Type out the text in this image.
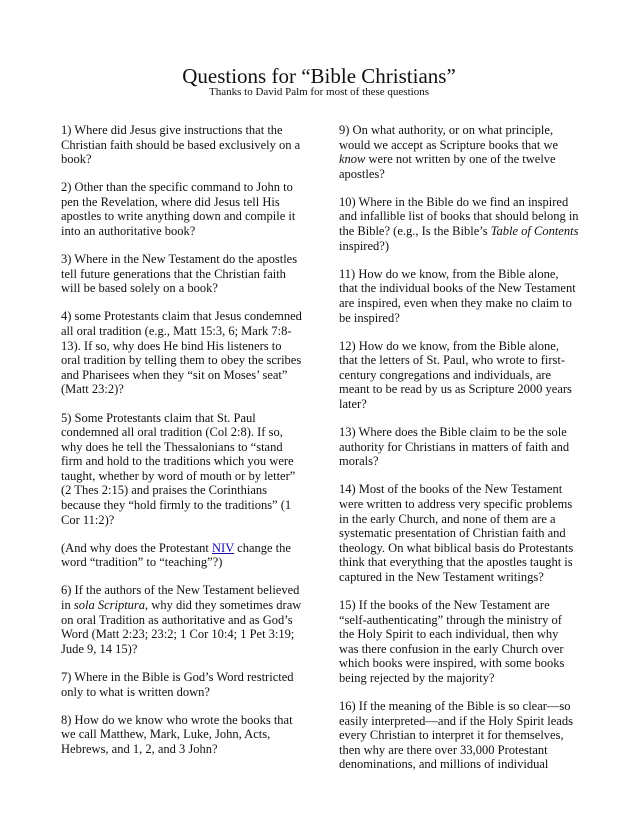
Questions for “Bible Christians”
Thanks to David Palm for most of these questions

1) Where did Jesus give instructions that the Christian faith should be based exclusively on a book?

2) Other than the specific command to John to pen the Revelation, where did Jesus tell His apostles to write anything down and compile it into an authoritative book?

3) Where in the New Testament do the apostles tell future generations that the Christian faith will be based solely on a book?

4) some Protestants claim that Jesus condemned all oral tradition (e.g., Matt 15:3, 6; Mark 7:8-13). If so, why does He bind His listeners to oral tradition by telling them to obey the scribes and Pharisees when they “sit on Moses’ seat” (Matt 23:2)?

5) Some Protestants claim that St. Paul condemned all oral tradition (Col 2:8). If so, why does he tell the Thessalonians to “stand firm and hold to the traditions which you were taught, whether by word of mouth or by letter” (2 Thes 2:15) and praises the Corinthians because they “hold firmly to the traditions” (1 Cor 11:2)?

(And why does the Protestant NIV change the word “tradition” to “teaching”?)

6) If the authors of the New Testament believed in sola Scriptura, why did they sometimes draw on oral Tradition as authoritative and as God’s Word (Matt 2:23; 23:2; 1 Cor 10:4; 1 Pet 3:19; Jude 9, 14 15)?

7) Where in the Bible is God’s Word restricted only to what is written down?

8) How do we know who wrote the books that we call Matthew, Mark, Luke, John, Acts, Hebrews, and 1, 2, and 3 John?

9) On what authority, or on what principle, would we accept as Scripture books that we know were not written by one of the twelve apostles?

10) Where in the Bible do we find an inspired and infallible list of books that should belong in the Bible? (e.g., Is the Bible’s Table of Contents inspired?)

11) How do we know, from the Bible alone, that the individual books of the New Testament are inspired, even when they make no claim to be inspired?

12) How do we know, from the Bible alone, that the letters of St. Paul, who wrote to first-century congregations and individuals, are meant to be read by us as Scripture 2000 years later?

13) Where does the Bible claim to be the sole authority for Christians in matters of faith and morals?

14) Most of the books of the New Testament were written to address very specific problems in the early Church, and none of them are a systematic presentation of Christian faith and theology. On what biblical basis do Protestants think that everything that the apostles taught is captured in the New Testament writings?

15) If the books of the New Testament are “self-authenticating” through the ministry of the Holy Spirit to each individual, then why was there confusion in the early Church over which books were inspired, with some books being rejected by the majority?

16) If the meaning of the Bible is so clear—so easily interpreted—and if the Holy Spirit leads every Christian to interpret it for themselves, then why are there over 33,000 Protestant denominations, and millions of individual
